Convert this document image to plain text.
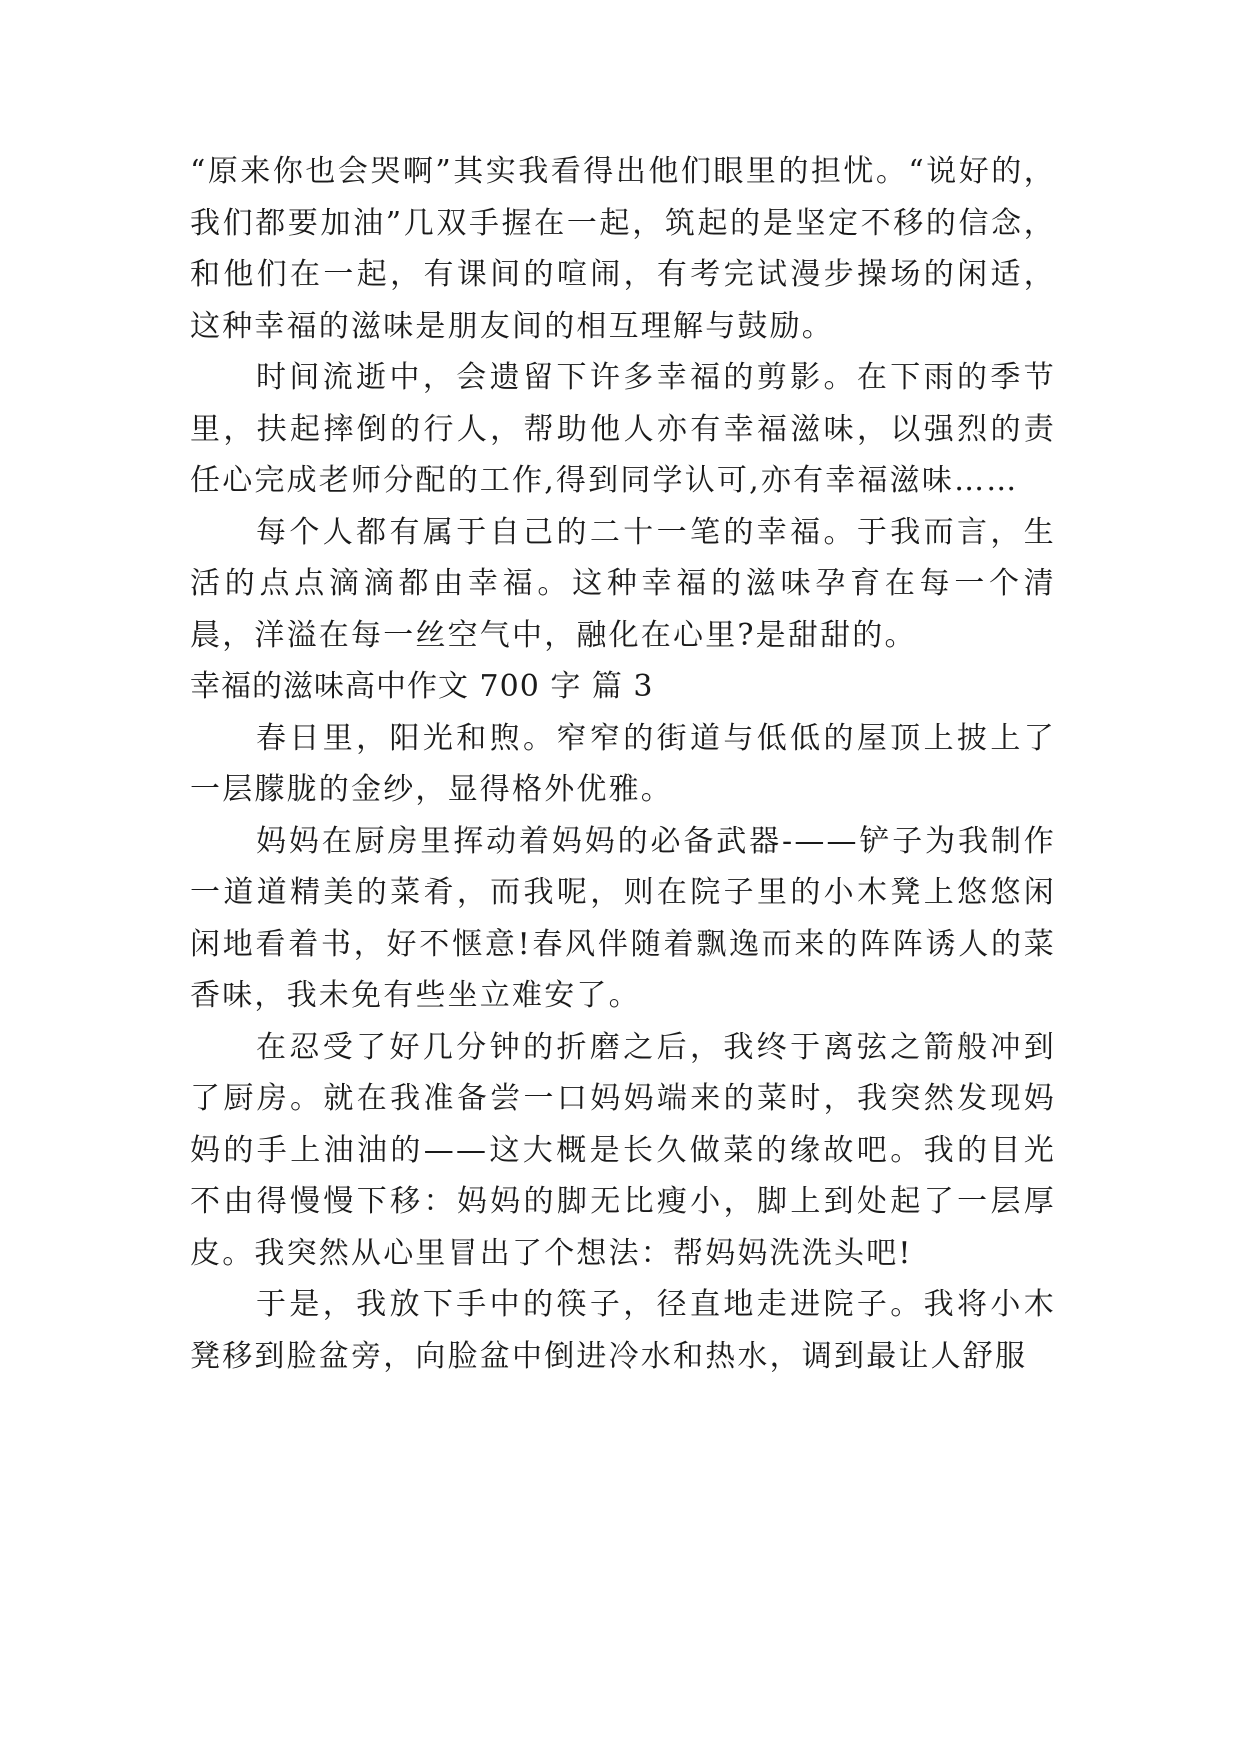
“原来你也会哭啊”其实我看得出他们眼里的担忧。“说好的，我们都要加油”几双手握在一起，筑起的是坚定不移的信念，和他们在一起，有课间的喧闹，有考完试漫步操场的闲适，这种幸福的滋味是朋友间的相互理解与鼓励。

时间流逝中，会遗留下许多幸福的剪影。在下雨的季节里，扶起摔倒的行人，帮助他人亦有幸福滋味，以强烈的责任心完成老师分配的工作,得到同学认可,亦有幸福滋味……

每个人都有属于自己的二十一笔的幸福。于我而言，生活的点点滴滴都由幸福。这种幸福的滋味孕育在每一个清晨，洋溢在每一丝空气中，融化在心里?是甜甜的。

幸福的滋味高中作文 700 字 篇 3

春日里，阳光和煦。窄窄的街道与低低的屋顶上披上了一层朦胧的金纱，显得格外优雅。

妈妈在厨房里挥动着妈妈的必备武器-——铲子为我制作一道道精美的菜肴，而我呢，则在院子里的小木凳上悠悠闲闲地看着书，好不惬意!春风伴随着飘逸而来的阵阵诱人的菜香味，我未免有些坐立难安了。

在忍受了好几分钟的折磨之后，我终于离弦之箭般冲到了厨房。就在我准备尝一口妈妈端来的菜时，我突然发现妈妈的手上油油的——这大概是长久做菜的缘故吧。我的目光不由得慢慢下移：妈妈的脚无比瘦小，脚上到处起了一层厚皮。我突然从心里冒出了个想法：帮妈妈洗洗头吧!

于是，我放下手中的筷子，径直地走进院子。我将小木凳移到脸盆旁，向脸盆中倒进冷水和热水，调到最让人舒服
